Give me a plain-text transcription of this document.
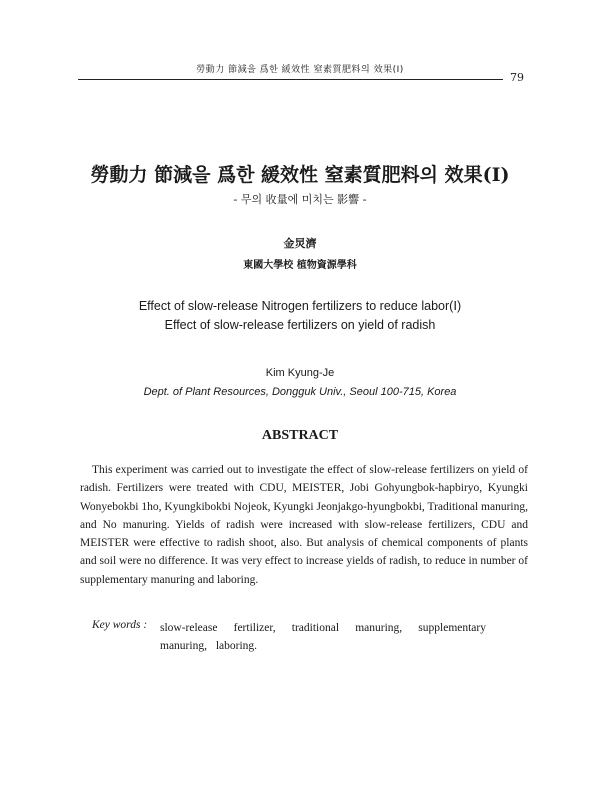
勞動力 節減을 爲한 緩效性 窒素質肥料의 效果(Ⅰ)
79
勞動力 節減을 爲한 緩效性 窒素質肥料의 效果(Ⅰ)
- 무의 收量에 미치는 影響 -
金炅濟
東國大學校 植物資源學科
Effect of slow-release Nitrogen fertilizers to reduce labor(Ⅰ)
Effect of slow-release fertilizers on yield of radish
Kim Kyung-Je
Dept. of Plant Resources, Dongguk Univ., Seoul 100-715, Korea
ABSTRACT
This experiment was carried out to investigate the effect of slow-release fertilizers on yield of radish. Fertilizers were treated with CDU, MEISTER, Jobi Gohyungbok-hapbiryo, Kyungki Wonyebokbi 1ho, Kyungkibokbi Nojeok, Kyungki Jeonjakgo-hyungbokbi, Traditional manuring, and No manuring. Yields of radish were increased with slow-release fertilizers, CDU and MEISTER were effective to radish shoot, also. But analysis of chemical components of plants and soil were no difference. It was very effect to increase yields of radish, to reduce in number of supplementary manuring and laboring.
Key words : slow-release fertilizer, traditional manuring, supplementary manuring, laboring.
